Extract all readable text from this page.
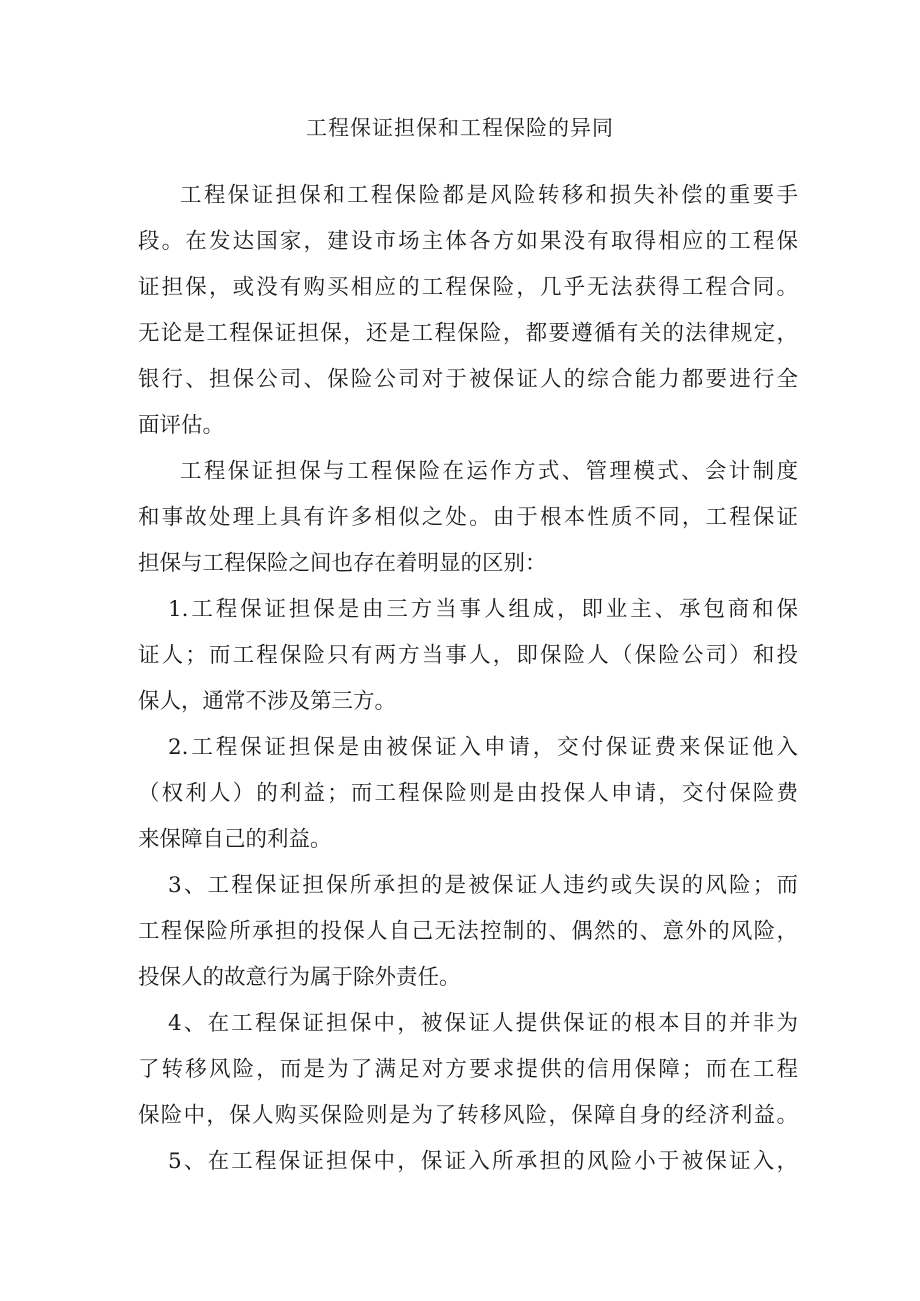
工程保证担保和工程保险的异同

工程保证担保和工程保险都是风险转移和损失补偿的重要手

段。在发达国家，建设市场主体各方如果没有取得相应的工程保

证担保，或没有购买相应的工程保险，几乎无法获得工程合同。

无论是工程保证担保，还是工程保险，都要遵循有关的法律规定，

银行、担保公司、保险公司对于被保证人的综合能力都要进行全

面评估。

工程保证担保与工程保险在运作方式、管理模式、会计制度

和事故处理上具有许多相似之处。由于根本性质不同，工程保证

担保与工程保险之间也存在着明显的区别：

1.工程保证担保是由三方当事人组成，即业主、承包商和保

证人；而工程保险只有两方当事人，即保险人（保险公司）和投

保人，通常不涉及第三方。

2.工程保证担保是由被保证入申请，交付保证费来保证他入

（权利人）的利益；而工程保险则是由投保人申请，交付保险费

来保障自己的利益。

3、工程保证担保所承担的是被保证人违约或失误的风险；而

工程保险所承担的投保人自己无法控制的、偶然的、意外的风险，

投保人的故意行为属于除外责任。

4、在工程保证担保中，被保证人提供保证的根本目的并非为

了转移风险，而是为了满足对方要求提供的信用保障；而在工程

保险中，保人购买保险则是为了转移风险，保障自身的经济利益。

5、在工程保证担保中，保证入所承担的风险小于被保证入，
